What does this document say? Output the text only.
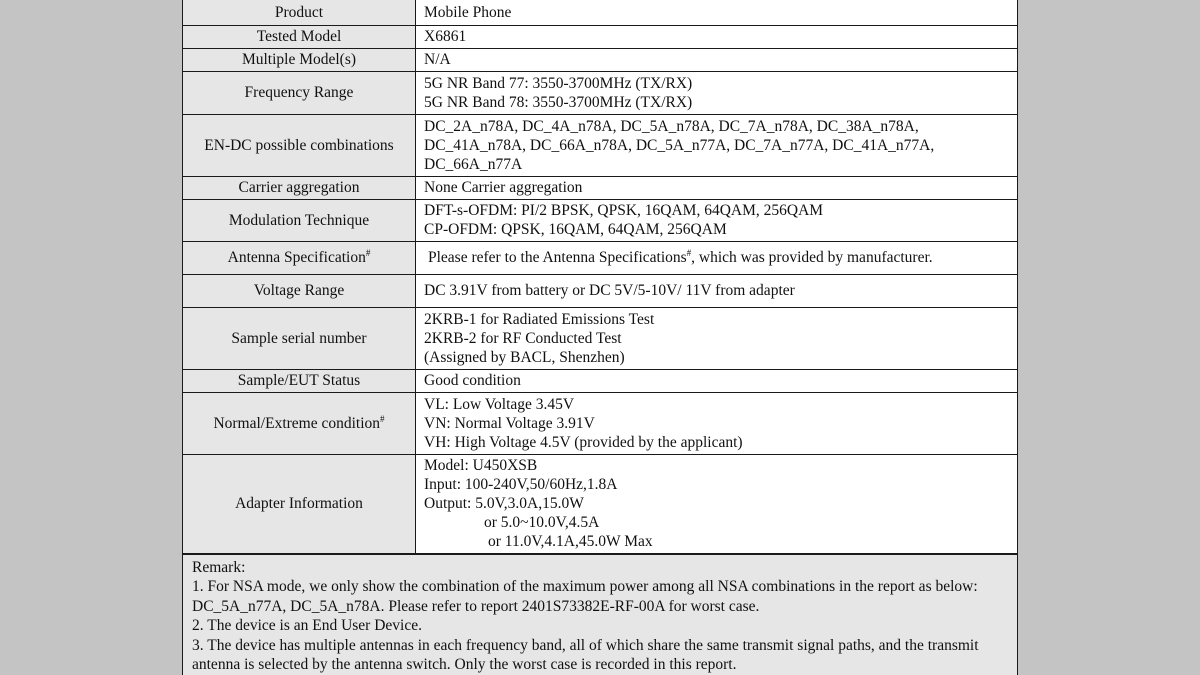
Product	Mobile Phone
Tested Model	X6861
Multiple Model(s)	N/A
Frequency Range	5G NR Band 77: 3550-3700MHz (TX/RX)
5G NR Band 78: 3550-3700MHz (TX/RX)

EN-DC possible combinations	DC_2A_n78A, DC_4A_n78A, DC_5A_n78A, DC_7A_n78A, DC_38A_n78A,
DC_41A_n78A, DC_66A_n78A, DC_5A_n77A, DC_7A_n77A, DC_41A_n77A,
DC_66A_n77A

Carrier aggregation	None Carrier aggregation
Modulation Technique	DFT-s-OFDM: PI/2 BPSK, QPSK, 16QAM, 64QAM, 256QAM
CP-OFDM: QPSK, 16QAM, 64QAM, 256QAM

Antenna Specification#	Please refer to the Antenna Specifications#, which was provided by manufacturer.
Voltage Range	DC 3.91V from battery or DC 5V/5-10V/ 11V from adapter
Sample serial number	2KRB-1 for Radiated Emissions Test
2KRB-2 for RF Conducted Test
(Assigned by BACL, Shenzhen)

Sample/EUT Status	Good condition
Normal/Extreme condition#	VL: Low Voltage 3.45V
VN: Normal Voltage 3.91V
VH: High Voltage 4.5V (provided by the applicant)

Adapter Information	Model: U450XSB
Input: 100-240V,50/60Hz,1.8A
Output: 5.0V,3.0A,15.0W
or 5.0~10.0V,4.5A
or 11.0V,4.1A,45.0W Max
Remark:
1. For NSA mode, we only show the combination of the maximum power among all NSA combinations in the report as below: DC_5A_n77A, DC_5A_n78A. Please refer to report 2401S73382E-RF-00A for worst case.
2. The device is an End User Device.
3. The device has multiple antennas in each frequency band, all of which share the same transmit signal paths, and the transmit antenna is selected by the antenna switch. Only the worst case is recorded in this report.
